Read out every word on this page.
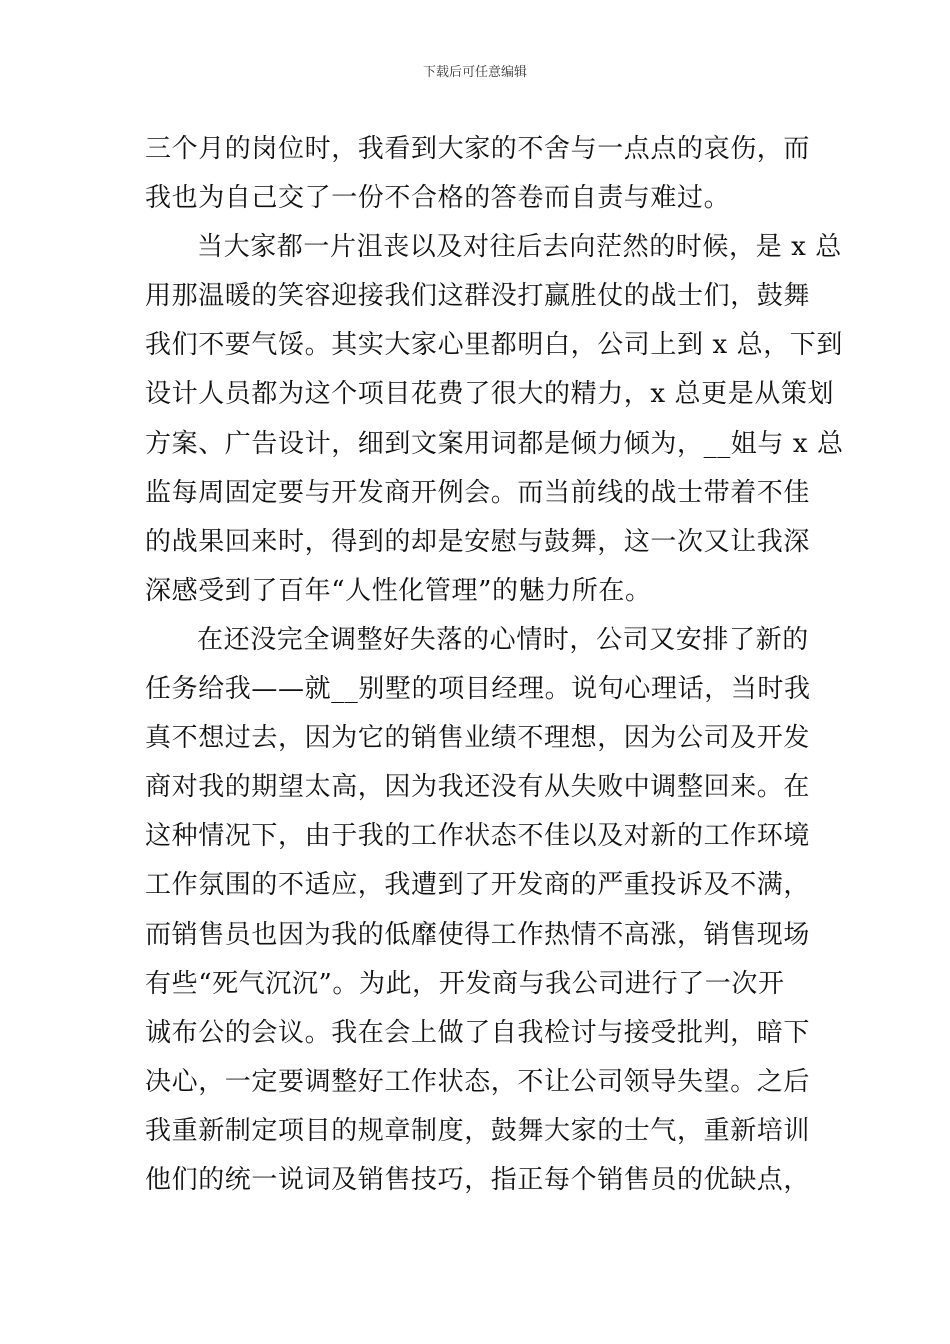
下载后可任意编辑
三个月的岗位时，我看到大家的不舍与一点点的哀伤，而
我也为自己交了一份不合格的答卷而自责与难过。
当大家都一片沮丧以及对往后去向茫然的时候，是 x 总
用那温暖的笑容迎接我们这群没打赢胜仗的战士们，鼓舞
我们不要气馁。其实大家心里都明白，公司上到 x 总，下到
设计人员都为这个项目花费了很大的精力，x 总更是从策划
方案、广告设计，细到文案用词都是倾力倾为，__姐与 x 总
监每周固定要与开发商开例会。而当前线的战士带着不佳
的战果回来时，得到的却是安慰与鼓舞，这一次又让我深
深感受到了百年“人性化管理”的魅力所在。
在还没完全调整好失落的心情时，公司又安排了新的
任务给我——就__别墅的项目经理。说句心理话，当时我
真不想过去，因为它的销售业绩不理想，因为公司及开发
商对我的期望太高，因为我还没有从失败中调整回来。在
这种情况下，由于我的工作状态不佳以及对新的工作环境
工作氛围的不适应，我遭到了开发商的严重投诉及不满，
而销售员也因为我的低靡使得工作热情不高涨，销售现场
有些“死气沉沉”。为此，开发商与我公司进行了一次开
诚布公的会议。我在会上做了自我检讨与接受批判，暗下
决心，一定要调整好工作状态，不让公司领导失望。之后
我重新制定项目的规章制度，鼓舞大家的士气，重新培训
他们的统一说词及销售技巧，指正每个销售员的优缺点，
